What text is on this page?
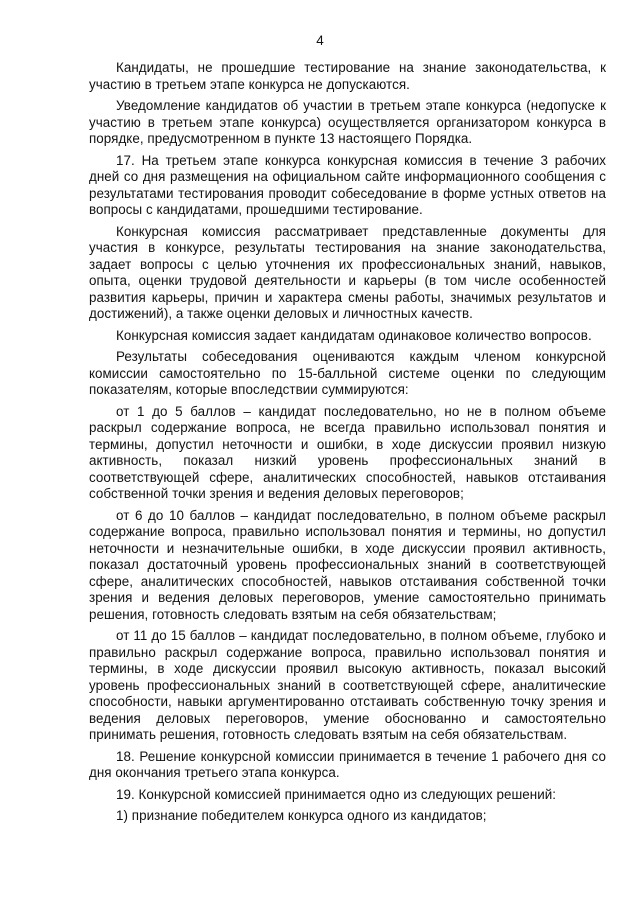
4

Кандидаты, не прошедшие тестирование на знание законодательства, к участию в третьем этапе конкурса не допускаются.

Уведомление кандидатов об участии в третьем этапе конкурса (недопуске к участию в третьем этапе конкурса) осуществляется организатором конкурса в порядке, предусмотренном в пункте 13 настоящего Порядка.

17. На третьем этапе конкурса конкурсная комиссия в течение 3 рабочих дней со дня размещения на официальном сайте информационного сообщения с результатами тестирования проводит собеседование в форме устных ответов на вопросы с кандидатами, прошедшими тестирование.

Конкурсная комиссия рассматривает представленные документы для участия в конкурсе, результаты тестирования на знание законодательства, задает вопросы с целью уточнения их профессиональных знаний, навыков, опыта, оценки трудовой деятельности и карьеры (в том числе особенностей развития карьеры, причин и характера смены работы, значимых результатов и достижений), а также оценки деловых и личностных качеств.

Конкурсная комиссия задает кандидатам одинаковое количество вопросов.

Результаты собеседования оцениваются каждым членом конкурсной комиссии самостоятельно по 15-балльной системе оценки по следующим показателям, которые впоследствии суммируются:

от 1 до 5 баллов – кандидат последовательно, но не в полном объеме раскрыл содержание вопроса, не всегда правильно использовал понятия и термины, допустил неточности и ошибки, в ходе дискуссии проявил низкую активность, показал низкий уровень профессиональных знаний в соответствующей сфере, аналитических способностей, навыков отстаивания собственной точки зрения и ведения деловых переговоров;

от 6 до 10 баллов – кандидат последовательно, в полном объеме раскрыл содержание вопроса, правильно использовал понятия и термины, но допустил неточности и незначительные ошибки, в ходе дискуссии проявил активность, показал достаточный уровень профессиональных знаний в соответствующей сфере, аналитических способностей, навыков отстаивания собственной точки зрения и ведения деловых переговоров, умение самостоятельно принимать решения, готовность следовать взятым на себя обязательствам;

от 11 до 15 баллов – кандидат последовательно, в полном объеме, глубоко и правильно раскрыл содержание вопроса, правильно использовал понятия и термины, в ходе дискуссии проявил высокую активность, показал высокий уровень профессиональных знаний в соответствующей сфере, аналитические способности, навыки аргументированно отстаивать собственную точку зрения и ведения деловых переговоров, умение обоснованно и самостоятельно принимать решения, готовность следовать взятым на себя обязательствам.

18. Решение конкурсной комиссии принимается в течение 1 рабочего дня со дня окончания третьего этапа конкурса.

19. Конкурсной комиссией принимается одно из следующих решений:

1) признание победителем конкурса одного из кандидатов;
